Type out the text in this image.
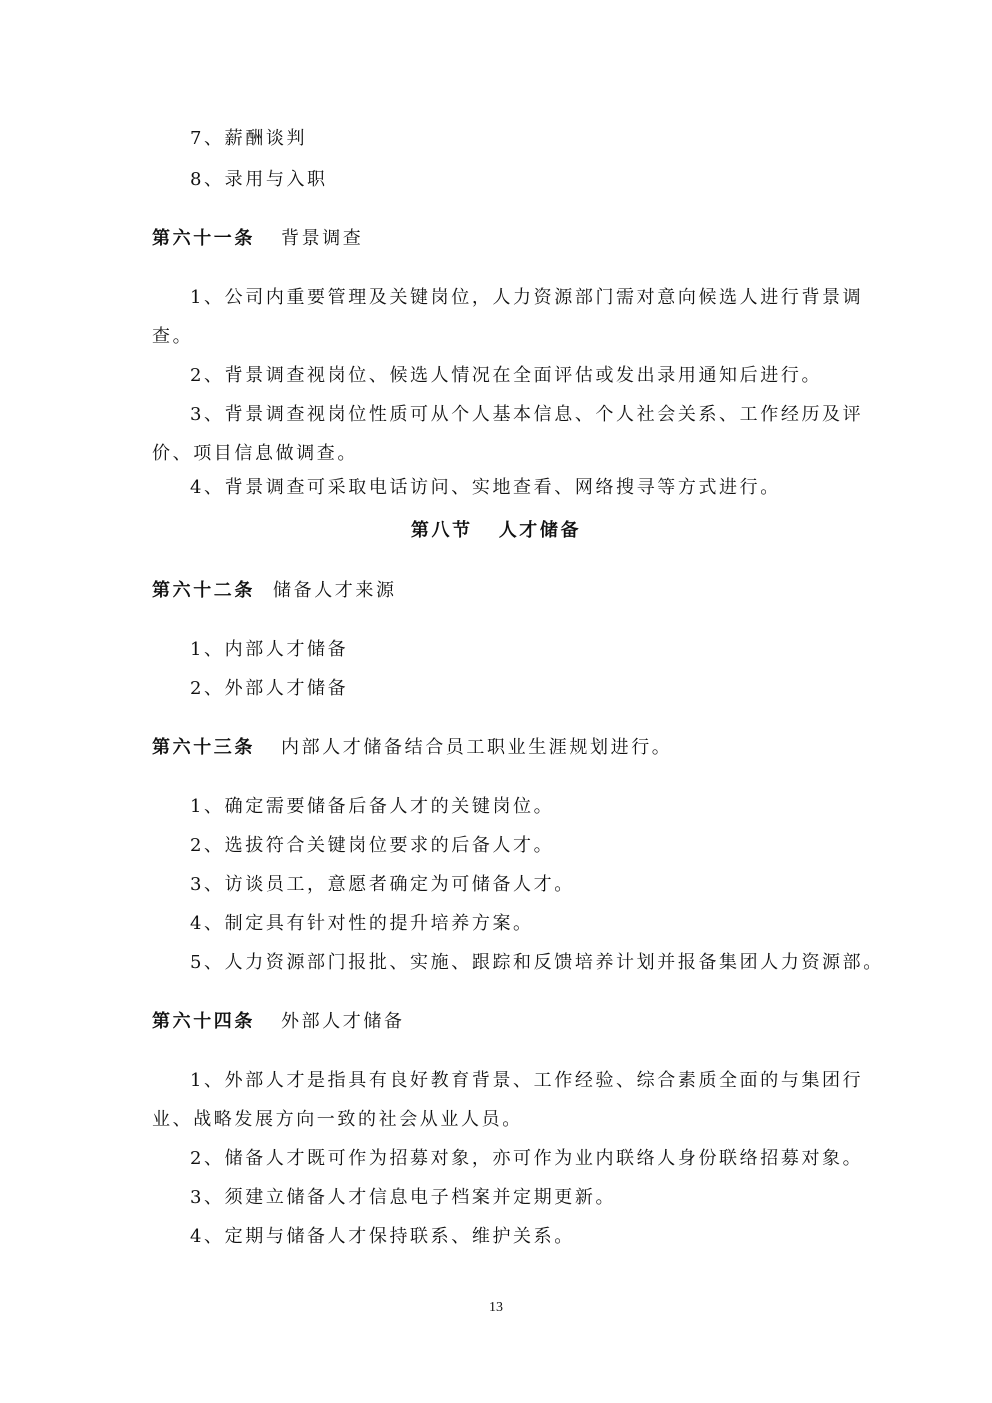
7、薪酬谈判
8、录用与入职
第六十一条 背景调查
1、公司内重要管理及关键岗位，人力资源部门需对意向候选人进行背景调
查。
2、背景调查视岗位、候选人情况在全面评估或发出录用通知后进行。
3、背景调查视岗位性质可从个人基本信息、个人社会关系、工作经历及评
价、项目信息做调查。
4、背景调查可采取电话访问、实地查看、网络搜寻等方式进行。
第八节 人才储备
第六十二条 储备人才来源
1、内部人才储备
2、外部人才储备
第六十三条 内部人才储备结合员工职业生涯规划进行。
1、确定需要储备后备人才的关键岗位。
2、选拔符合关键岗位要求的后备人才。
3、访谈员工，意愿者确定为可储备人才。
4、制定具有针对性的提升培养方案。
5、人力资源部门报批、实施、跟踪和反馈培养计划并报备集团人力资源部。
第六十四条 外部人才储备
1、外部人才是指具有良好教育背景、工作经验、综合素质全面的与集团行
业、战略发展方向一致的社会从业人员。
2、储备人才既可作为招募对象，亦可作为业内联络人身份联络招募对象。
3、须建立储备人才信息电子档案并定期更新。
4、定期与储备人才保持联系、维护关系。
13
